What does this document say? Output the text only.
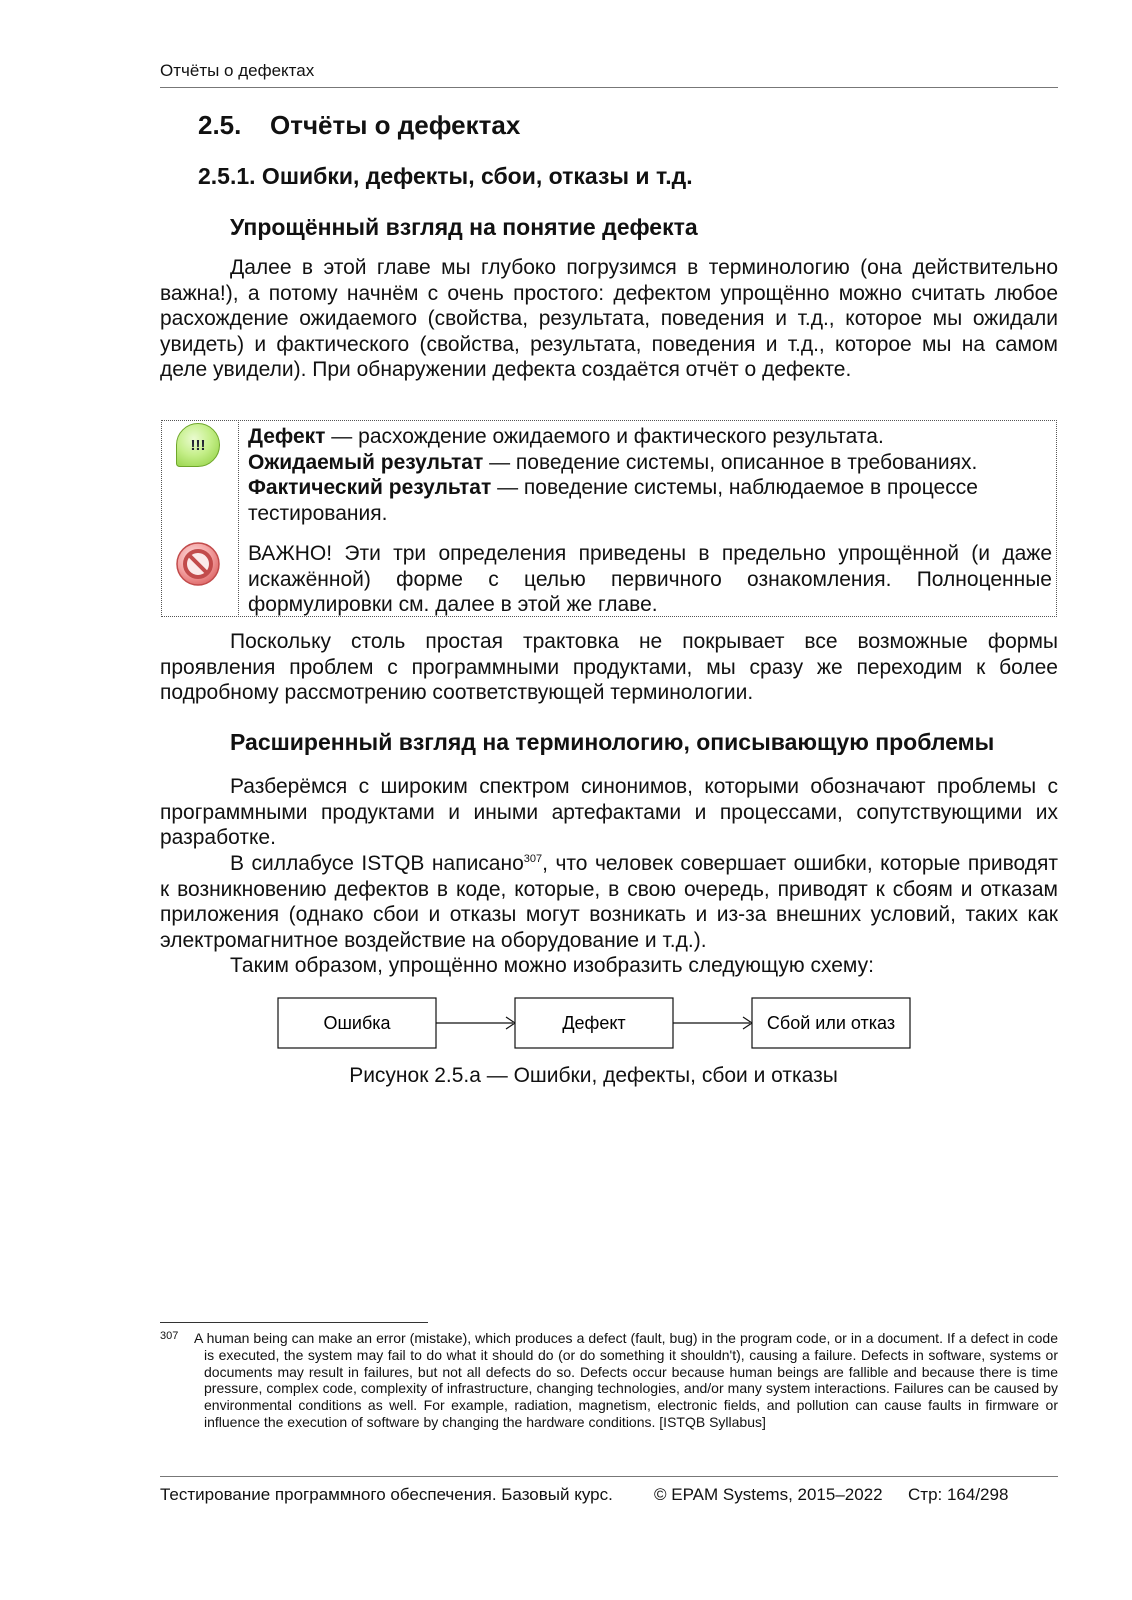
Отчёты о дефектах
2.5. Отчёты о дефектах
2.5.1. Ошибки, дефекты, сбои, отказы и т.д.
Упрощённый взгляд на понятие дефекта
Далее в этой главе мы глубоко погрузимся в терминологию (она действительно важна!), а потому начнём с очень простого: дефектом упрощённо можно считать любое расхождение ожидаемого (свойства, результата, поведения и т.д., которое мы ожидали увидеть) и фактического (свойства, результата, поведения и т.д., которое мы на самом деле увидели). При обнаружении дефекта создаётся отчёт о дефекте.
!!! Дефект — расхождение ожидаемого и фактического результата.
Ожидаемый результат — поведение системы, описанное в требованиях.
Фактический результат — поведение системы, наблюдаемое в процессе тестирования.
ВАЖНО! Эти три определения приведены в предельно упрощённой (и даже искажённой) форме с целью первичного ознакомления. Полноценные формулировки см. далее в этой же главе.
Поскольку столь простая трактовка не покрывает все возможные формы проявления проблем с программными продуктами, мы сразу же переходим к более подробному рассмотрению соответствующей терминологии.
Расширенный взгляд на терминологию, описывающую проблемы
Разберёмся с широким спектром синонимов, которыми обозначают проблемы с программными продуктами и иными артефактами и процессами, сопутствующими их разработке.
В силлабусе ISTQB написано$^{307}$, что человек совершает ошибки, которые приводят к возникновению дефектов в коде, которые, в свою очередь, приводят к сбоям и отказам приложения (однако сбои и отказы могут возникать и из-за внешних условий, таких как электромагнитное воздействие на оборудование и т.д.).
Таким образом, упрощённо можно изобразить следующую схему:
Ошибка	Дефект	Сбой или отказ
Рисунок 2.5.a — Ошибки, дефекты, сбои и отказы
307 A human being can make an error (mistake), which produces a defect (fault, bug) in the program code, or in a document. If a defect in code is executed, the system may fail to do what it should do (or do something it shouldn't), causing a failure. Defects in software, systems or documents may result in failures, but not all defects do so. Defects occur because human beings are fallible and because there is time pressure, complex code, complexity of infrastructure, changing technologies, and/or many system interactions. Failures can be caused by environmental conditions as well. For example, radiation, magnetism, electronic fields, and pollution can cause faults in firmware or influence the execution of software by changing the hardware conditions. [ISTQB Syllabus]
Тестирование программного обеспечения. Базовый курс. © EPAM Systems, 2015–2022 Стр: 164/298
